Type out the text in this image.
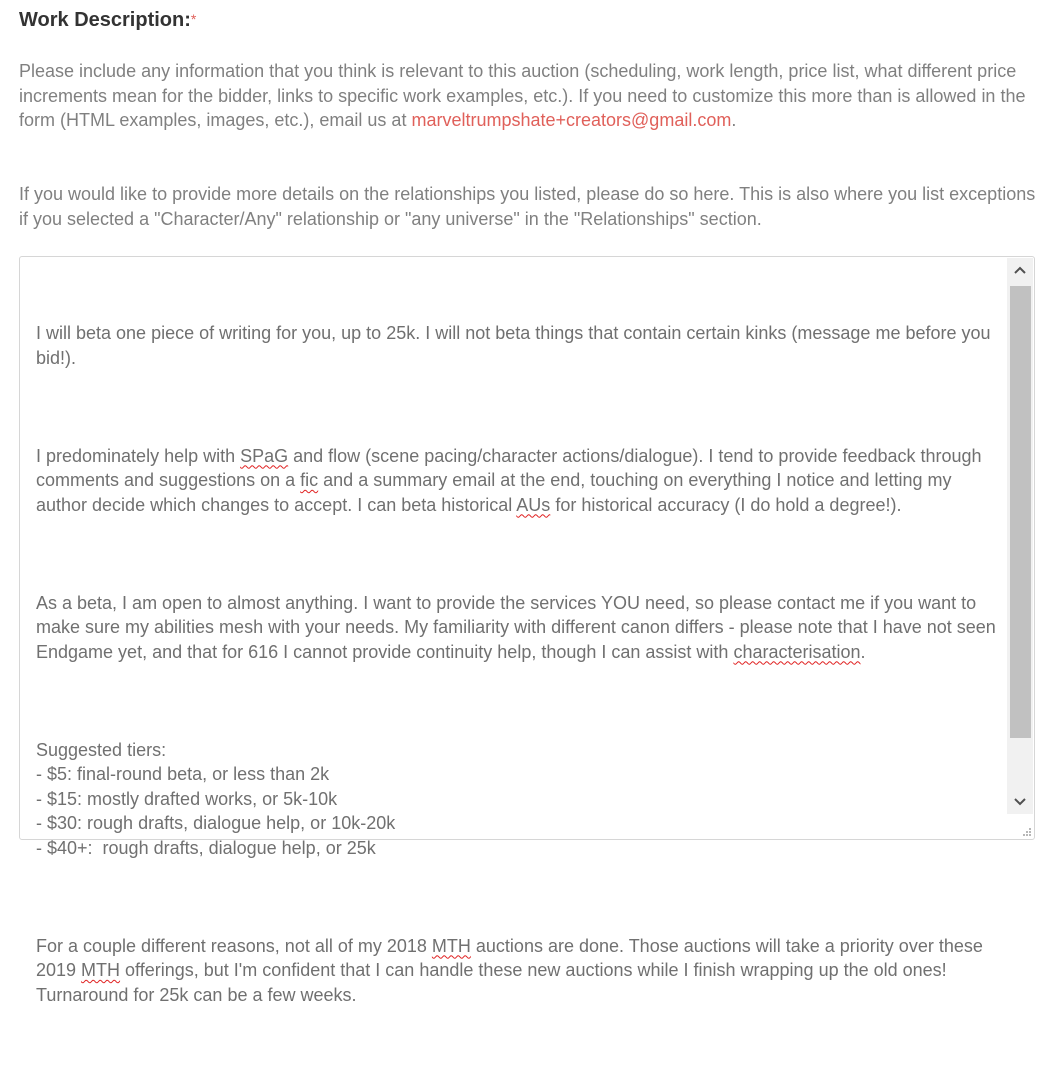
Work Description:*
Please include any information that you think is relevant to this auction (scheduling, work length, price list, what different price increments mean for the bidder, links to specific work examples, etc.). If you need to customize this more than is allowed in the form (HTML examples, images, etc.), email us at marveltrumpshate+creators@gmail.com.
If you would like to provide more details on the relationships you listed, please do so here. This is also where you list exceptions if you selected a "Character/Any" relationship or "any universe" in the "Relationships" section.

I will beta one piece of writing for you, up to 25k. I will not beta things that contain certain kinks (message me before you bid!).

I predominately help with SPaG and flow (scene pacing/character actions/dialogue). I tend to provide feedback through comments and suggestions on a fic and a summary email at the end, touching on everything I notice and letting my author decide which changes to accept. I can beta historical AUs for historical accuracy (I do hold a degree!).

As a beta, I am open to almost anything. I want to provide the services YOU need, so please contact me if you want to make sure my abilities mesh with your needs. My familiarity with different canon differs - please note that I have not seen Endgame yet, and that for 616 I cannot provide continuity help, though I can assist with characterisation.

Suggested tiers:
- $5: final-round beta, or less than 2k
- $15: mostly drafted works, or 5k-10k
- $30: rough drafts, dialogue help, or 10k-20k
- $40+:  rough drafts, dialogue help, or 25k

For a couple different reasons, not all of my 2018 MTH auctions are done. Those auctions will take a priority over these 2019 MTH offerings, but I'm confident that I can handle these new auctions while I finish wrapping up the old ones! Turnaround for 25k can be a few weeks.
